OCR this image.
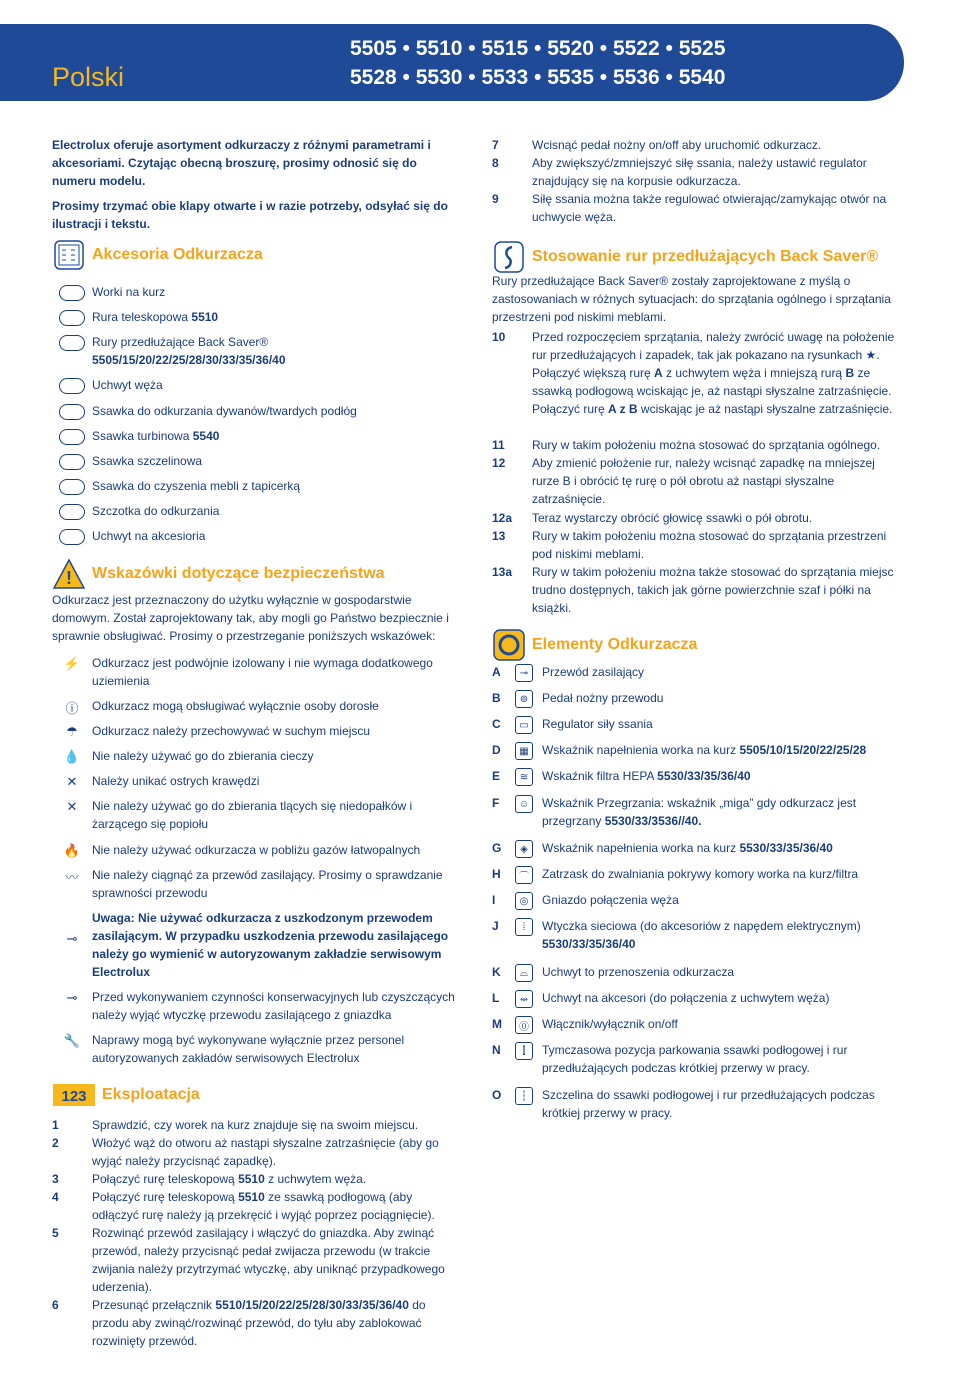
Polski
5505 • 5510 • 5515 • 5520 • 5522 • 5525
5528 • 5530 • 5533 • 5535 • 5536 • 5540
Electrolux oferuje asortyment odkurzaczy z różnymi parametrami i akcesoriami. Czytając obecną broszurę, prosimy odnosić się do numeru modelu.
Prosimy trzymać obie klapy otwarte i w razie potrzeby, odsyłać się do ilustracji i tekstu.
Akcesoria Odkurzacza
Worki na kurz
Rura teleskopowa 5510
Rury przedłużające Back Saver®
5505/15/20/22/25/28/30/33/35/36/40
Uchwyt węża
Ssawka do odkurzania dywanów/twardych podłóg
Ssawka turbinowa 5540
Ssawka szczelinowa
Ssawka do czyszenia mebli z tapicerką
Szczotka do odkurzania
Uchwyt na akcesioria
! Wskazówki dotyczące bezpieczeństwa
Odkurzacz jest przeznaczony do użytku wyłącznie w gospodarstwie domowym. Został zaprojektowany tak, aby mogli go Państwo bezpiecznie i sprawnie obsługiwać. Prosimy o przestrzeganie poniższych wskazówek:
⚡ Odkurzacz jest podwójnie izolowany i nie wymaga dodatkowego uziemienia
ⓘ	Odkurzacz mogą obsługiwać wyłącznie osoby dorosłe
☂	Odkurzacz należy przechowywać w suchym miejscu
💧 Nie należy używać go do zbierania cieczy
✕	Należy unikać ostrych krawędzi
✕	Nie należy używać go do zbierania tlących się niedopałków i żarzącego się popiołu
🔥 Nie należy używać odkurzacza w pobliżu gazów łatwopalnych
〰	Nie należy ciągnąć za przewód zasilający. Prosimy o sprawdzanie sprawności przewodu
⊸
Uwaga: Nie używać odkurzacza z uszkodzonym przewodem zasilającym. W przypadku uszkodzenia przewodu zasilającego należy go wymienić w autoryzowanym zakładzie serwisowym Electrolux
⊸	Przed wykonywaniem czynności konserwacyjnych lub czyszczących należy wyjąć wtyczkę przewodu zasilającego z gniazdka
🔧 Naprawy mogą być wykonywane wyłącznie przez personel autoryzowanych zakładów serwisowych Electrolux
123 Eksploatacja
1	Sprawdzić, czy worek na kurz znajduje się na swoim miejscu.
2	Włożyć wąż do otworu aż nastąpi słyszalne zatrzaśnięcie (aby go wyjąć należy przycisnąć zapadkę).
3	Połączyć rurę teleskopową 5510 z uchwytem węża.
4	Połączyć rurę teleskopową 5510 ze ssawką podłogową (aby odłączyć rurę należy ją przekręcić i wyjąć poprzez pociągnięcie).
5	Rozwinąć przewód zasilający i włączyć do gniazdka. Aby zwinąć przewód, należy przycisnąć pedał zwijacza przewodu (w trakcie zwijania należy przytrzymać wtyczkę, aby uniknąć przypadkowego uderzenia).
6	Przesunąć przełącznik 5510/15/20/22/25/28/30/33/35/36/40 do przodu aby zwinąć/rozwinąć przewód, do tyłu aby zablokować rozwinięty przewód.
7	Wcisnąć pedał nożny on/off aby uruchomić odkurzacz.
8	Aby zwiększyć/zmniejszyć siłę ssania, należy ustawić regulator znajdujący się na korpusie odkurzacza.
9	Siłę ssania można także regulować otwierając/zamykając otwór na uchwycie węża.
Stosowanie rur przedłużających Back Saver®
Rury przedłużające Back Saver® zostały zaprojektowane z myślą o zastosowaniach w różnych sytuacjach: do sprzątania ogólnego i sprzątania przestrzeni pod niskimi meblami.
10	Przed rozpoczęciem sprzątania, należy zwrócić uwagę na położenie rur przedłużających i zapadek, tak jak pokazano na rysunkach ★.
Połączyć większą rurę A z uchwytem węża i mniejszą rurą B ze ssawką podłogową wciskając je, aż nastąpi słyszalne zatrzaśnięcie.
Połączyć rurę A z B wciskając je aż nastąpi słyszalne zatrzaśnięcie.
11	Rury w takim położeniu można stosować do sprzątania ogólnego.
12	Aby zmienić położenie rur, należy wcisnąć zapadkę na mniejszej rurze B i obrócić tę rurę o pół obrotu aż nastąpi słyszalne zatrzaśnięcie.
12a	Teraz wystarczy obrócić głowicę ssawki o pół obrotu.
13	Rury w takim położeniu można stosować do sprzątania przestrzeni pod niskimi meblami.
13a	Rury w takim położeniu można także stosować do sprzątania miejsc trudno dostępnych, takich jak górne powierzchnie szaf i półki na książki.
Elementy Odkurzacza
A	⊸	Przewód zasilający
B	⊚	Pedał nożny przewodu
C	▭	Regulator siły ssania
D	▦	Wskaźnik napełnienia worka na kurz 5505/10/15/20/22/25/28
E	≋	Wskaźnik filtra HEPA 5530/33/35/36/40
F	☺	Wskaźnik Przegrzania: wskaźnik „miga” gdy odkurzacz jest przegrzany 5530/33/3536//40.
G	◈	Wskaźnik napełnienia worka na kurz 5530/33/35/36/40
H	⌒	Zatrzask do zwalniania pokrywy komory worka na kurz/filtra
I	◎	Gniazdo połączenia węża
J	⁞	Wtyczka sieciowa (do akcesoriów z napędem elektrycznym) 5530/33/35/36/40
K	⌓	Uchwyt to przenoszenia odkurzacza
L	⥈	Uchwyt na akcesori (do połączenia z uchwytem węża)
M	⓪	Włącznik/wyłącznik on/off
N	⫿	Tymczasowa pozycja parkowania ssawki podłogowej i rur przedłużających podczas krótkiej przerwy w pracy.
O	┆	Szczelina do ssawki podłogowej i rur przedłużających podczas krótkiej przerwy w pracy.
